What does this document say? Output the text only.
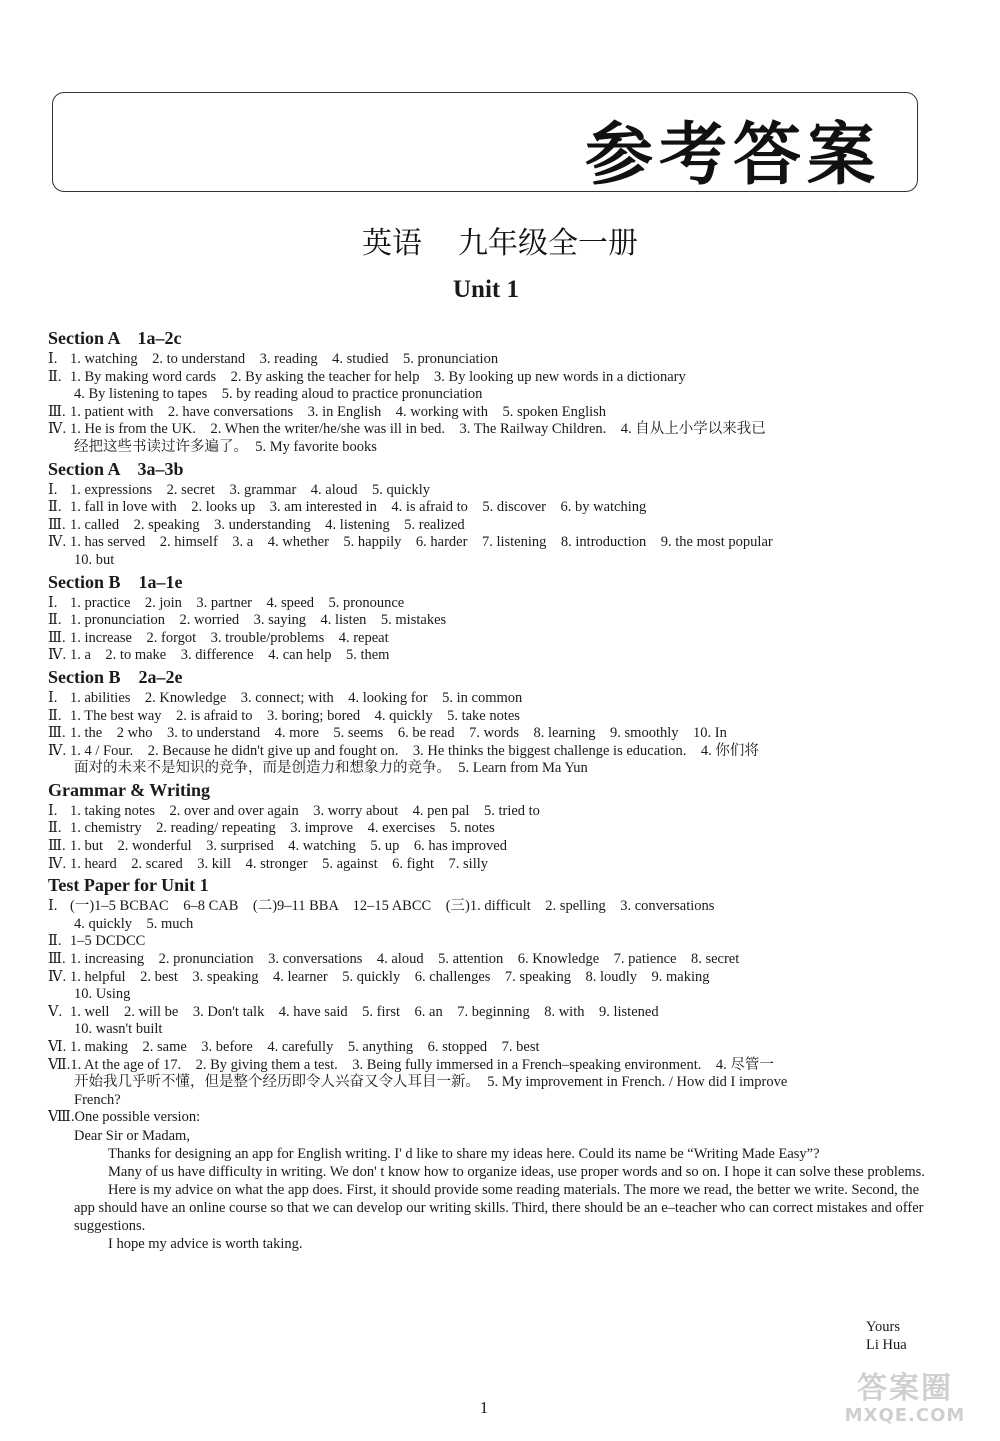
参考答案
英语 九年级全一册
Unit 1
Section A　1a–2c
Ⅰ. 1. watching　2. to understand　3. reading　4. studied　5. pronunciation
Ⅱ. 1. By making word cards　2. By asking the teacher for help　3. By looking up new words in a dictionary
4. By listening to tapes　5. by reading aloud to practice pronunciation
Ⅲ. 1. patient with　2. have conversations　3. in English　4. working with　5. spoken English
Ⅳ. 1. He is from the UK.　2. When the writer/he/she was ill in bed.　3. The Railway Children.　4. 自从上小学以来我已
经把这些书读过许多遍了。　5. My favorite books
Section A　3a–3b
Ⅰ. 1. expressions　2. secret　3. grammar　4. aloud　5. quickly
Ⅱ. 1. fall in love with　2. looks up　3. am interested in　4. is afraid to　5. discover　6. by watching
Ⅲ. 1. called　2. speaking　3. understanding　4. listening　5. realized
Ⅳ. 1. has served　2. himself　3. a　4. whether　5. happily　6. harder　7. listening　8. introduction　9. the most popular
10. but
Section B　1a–1e
Ⅰ. 1. practice　2. join　3. partner　4. speed　5. pronounce
Ⅱ. 1. pronunciation　2. worried　3. saying　4. listen　5. mistakes
Ⅲ. 1. increase　2. forgot　3. trouble/problems　4. repeat
Ⅳ. 1. a　2. to make　3. difference　4. can help　5. them
Section B　2a–2e
Ⅰ. 1. abilities　2. Knowledge　3. connect; with　4. looking for　5. in common
Ⅱ. 1. The best way　2. is afraid to　3. boring; bored　4. quickly　5. take notes
Ⅲ. 1. the　2 who　3. to understand　4. more　5. seems　6. be read　7. words　8. learning　9. smoothly　10. In
Ⅳ. 1. 4 / Four.　2. Because he didn't give up and fought on.　3. He thinks the biggest challenge is education.　4. 你们将
面对的未来不是知识的竞争，而是创造力和想象力的竞争。　5. Learn from Ma Yun
Grammar & Writing
Ⅰ. 1. taking notes　2. over and over again　3. worry about　4. pen pal　5. tried to
Ⅱ. 1. chemistry　2. reading/ repeating　3. improve　4. exercises　5. notes
Ⅲ. 1. but　2. wonderful　3. surprised　4. watching　5. up　6. has improved
Ⅳ. 1. heard　2. scared　3. kill　4. stronger　5. against　6. fight　7. silly
Test Paper for Unit 1
Ⅰ. (一)1–5 BCBAC　6–8 CAB　(二)9–11 BBA　12–15 ABCC　(三)1. difficult　2. spelling　3. conversations
4. quickly　5. much
Ⅱ. 1–5 DCDCC
Ⅲ. 1. increasing　2. pronunciation　3. conversations　4. aloud　5. attention　6. Knowledge　7. patience　8. secret
Ⅳ. 1. helpful　2. best　3. speaking　4. learner　5. quickly　6. challenges　7. speaking　8. loudly　9. making
10. Using
Ⅴ. 1. well　2. will be　3. Don't talk　4. have said　5. first　6. an　7. beginning　8. with　9. listened
10. wasn't built
Ⅵ. 1. making　2. same　3. before　4. carefully　5. anything　6. stopped　7. best
Ⅶ.1. At the age of 17.　2. By giving them a test.　3. Being fully immersed in a French–speaking environment.　4. 尽管一
开始我几乎听不懂，但是整个经历即令人兴奋又令人耳目一新。　5. My improvement in French. / How did I improve
French?
Ⅷ.One possible version:
Dear Sir or Madam,
Thanks for designing an app for English writing. I' d like to share my ideas here. Could its name be “Writing Made Easy”?
Many of us have difficulty in writing. We don' t know how to organize ideas, use proper words and so on. I hope it can solve these problems.
Here is my advice on what the app does. First, it should provide some reading materials. The more we read, the better we write. Second, the app should have an online course so that we can develop our writing skills. Third, there should be an e–teacher who can correct mistakes and offer suggestions.
I hope my advice is worth taking.
Yours
Li Hua
1
答案圈
MXQE.COM
